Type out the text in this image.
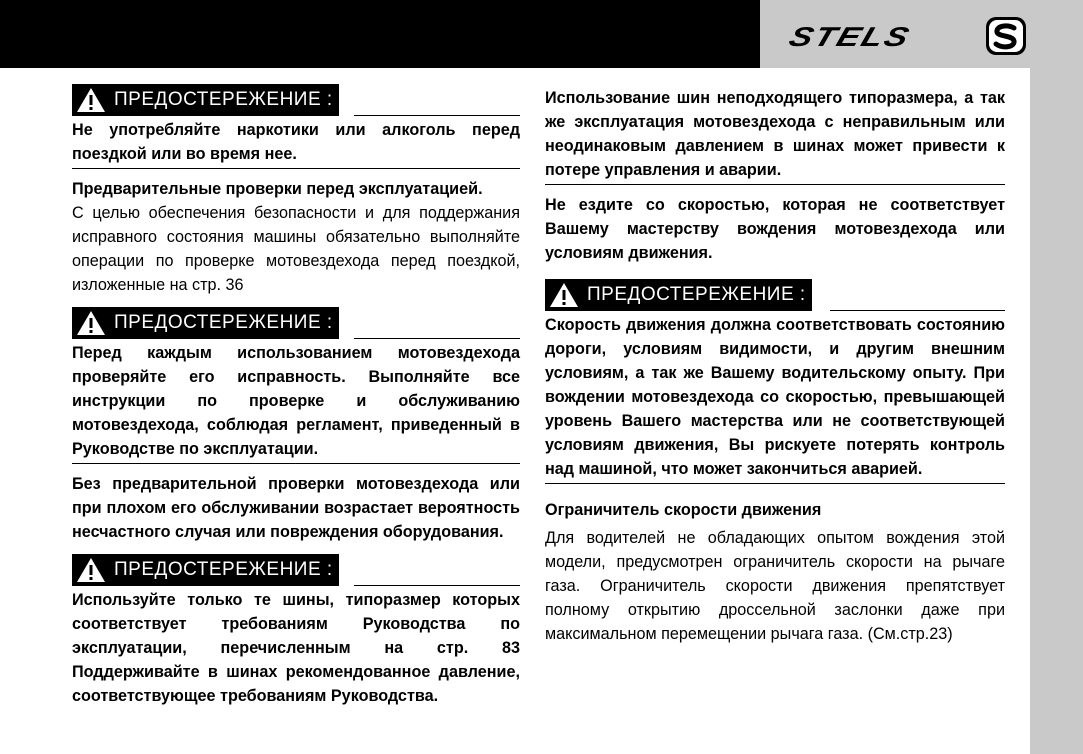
STELS
ПРЕДОСТЕРЕЖЕНИЕ :

Не употребляйте наркотики или алкоголь перед поездкой или во время нее.

Предварительные проверки перед эксплуатацией.

С целью обеспечения безопасности и для поддержания исправного состояния машины обязательно выполняйте операции по проверке мотовездехода перед поездкой, изложенные на стр. 36

ПРЕДОСТЕРЕЖЕНИЕ :

Перед каждым использованием мотовездехода проверяйте его исправность. Выполняйте все инструкции по проверке и обслуживанию мотовездехода, соблюдая регламент, приведенный в Руководстве по эксплуатации.

Без предварительной проверки мотовездехода или при плохом его обслуживании возрастает вероятность несчастного случая или повреждения оборудования.

ПРЕДОСТЕРЕЖЕНИЕ :

Используйте только те шины, типоразмер которых соответствует требованиям Руководства по эксплуатации, перечисленным на стр. 83 Поддерживайте в шинах рекомендованное давление, соответствующее требованиям Руководства.

Использование шин неподходящего типоразмера, а так же эксплуатация мотовездехода с неправильным или неодинаковым давлением в шинах может привести к потере управления и аварии.

Не ездите со скоростью, которая не соответствует Вашему мастерству вождения мотовездехода или условиям движения.

ПРЕДОСТЕРЕЖЕНИЕ :

Скорость движения должна соответствовать состоянию дороги, условиям видимости, и другим внешним условиям, а так же Вашему водительскому опыту. При вождении мотовездехода со скоростью, превышающей уровень Вашего мастерства или не соответствующей условиям движения, Вы рискуете потерять контроль над машиной, что может закончиться аварией.

Ограничитель скорости движения

Для водителей не обладающих опытом вождения этой модели, предусмотрен ограничитель скорости на рычаге газа. Ограничитель скорости движения препятствует полному открытию дроссельной заслонки даже при максимальном перемещении рычага газа. (См.стр.23)
